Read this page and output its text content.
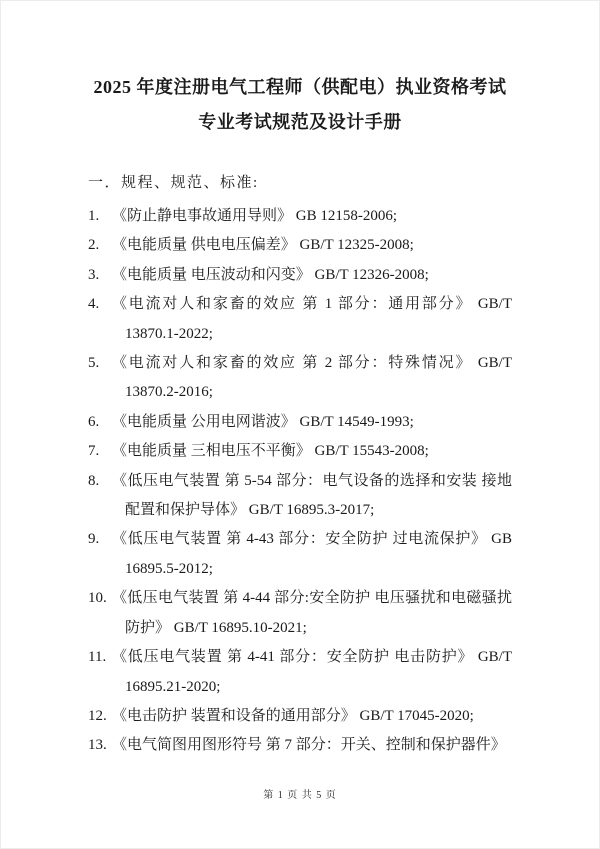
2025 年度注册电气工程师（供配电）执业资格考试
专业考试规范及设计手册
一．规程、规范、标准:
1. 《防止静电事故通用导则》 GB 12158-2006;
2. 《电能质量 供电电压偏差》 GB/T 12325-2008;
3. 《电能质量 电压波动和闪变》 GB/T 12326-2008;
4. 《电流对人和家畜的效应 第 1 部分：通用部分》 GB/T
13870.1-2022;
5. 《电流对人和家畜的效应 第 2 部分：特殊情况》 GB/T
13870.2-2016;
6. 《电能质量 公用电网谐波》 GB/T 14549-1993;
7. 《电能质量 三相电压不平衡》 GB/T 15543-2008;
8. 《低压电气装置 第 5-54 部分：电气设备的选择和安装 接地
配置和保护导体》 GB/T 16895.3-2017;
9. 《低压电气装置 第 4-43 部分：安全防护 过电流保护》 GB
16895.5-2012;
10. 《低压电气装置 第 4-44 部分:安全防护 电压骚扰和电磁骚扰
防护》 GB/T 16895.10-2021;
11. 《低压电气装置 第 4-41 部分：安全防护 电击防护》 GB/T
16895.21-2020;
12. 《电击防护 装置和设备的通用部分》 GB/T 17045-2020;
13. 《电气简图用图形符号 第 7 部分：开关、控制和保护器件》
第 1 页 共 5 页
